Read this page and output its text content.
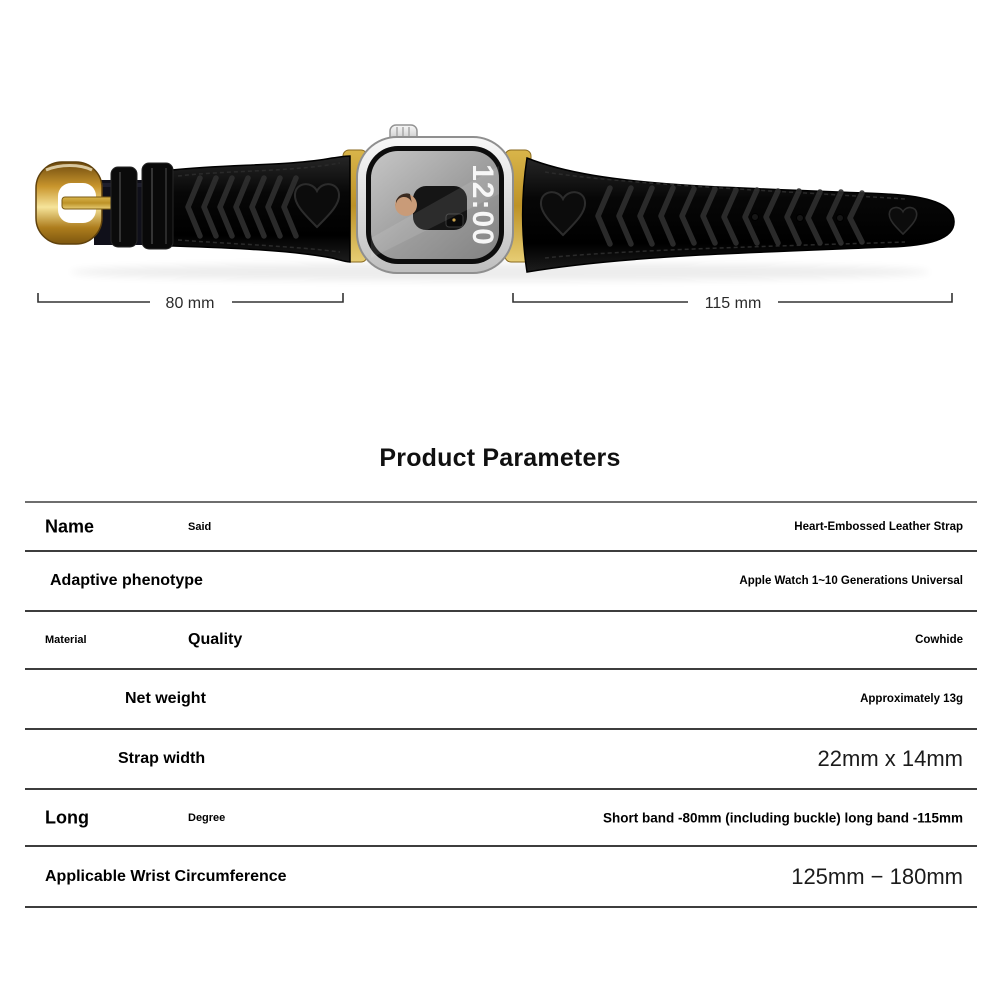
12:00
80 mm	115 mm
Product Parameters
Name	Said	Heart-Embossed Leather Strap
Adaptive phenotype	Apple Watch 1~10 Generations Universal
Material	Quality	Cowhide
Net weight	Approximately 13g
Strap width	22mm x 14mm
Long	Degree	Short band -80mm (including buckle) long band -115mm
Applicable Wrist Circumference	125mm − 180mm
